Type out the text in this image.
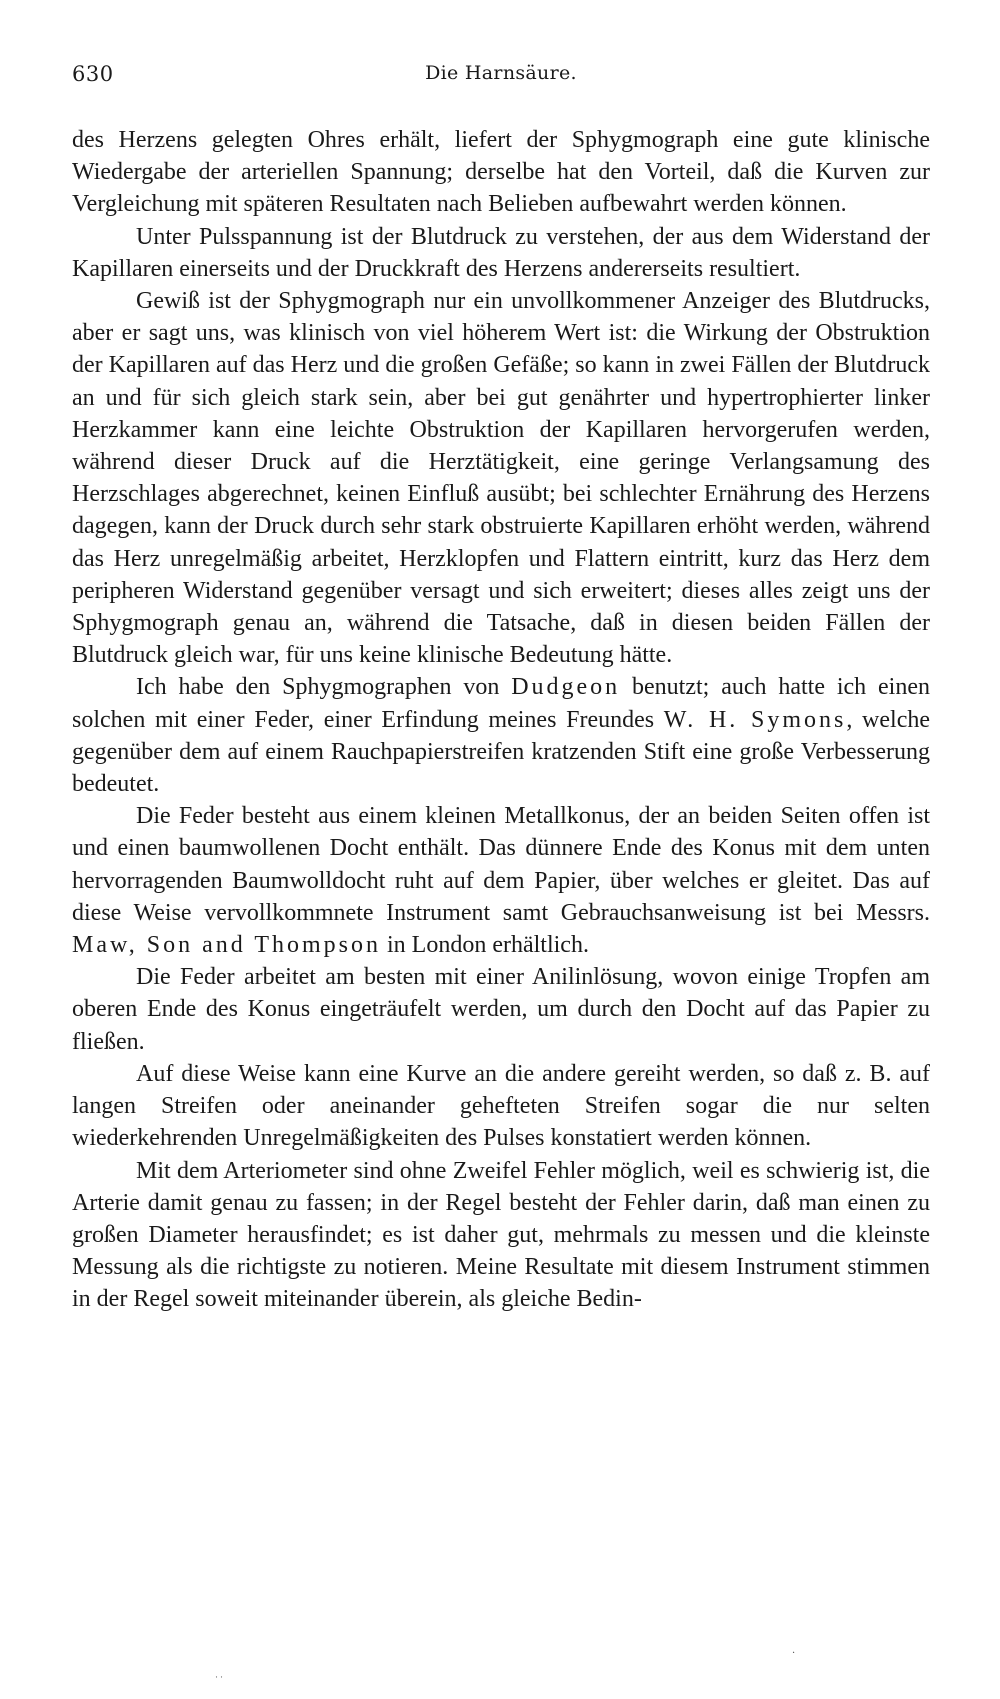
630	Die Harnsäure.

des Herzens gelegten Ohres erhält, liefert der Sphygmograph eine gute klinische Wiedergabe der arteriellen Spannung; derselbe hat den Vorteil, daß die Kurven zur Vergleichung mit späteren Resultaten nach Belieben aufbewahrt werden können.

Unter Pulsspannung ist der Blutdruck zu verstehen, der aus dem Widerstand der Kapillaren einerseits und der Druckkraft des Herzens andererseits resultiert.

Gewiß ist der Sphygmograph nur ein unvollkommener Anzeiger des Blutdrucks, aber er sagt uns, was klinisch von viel höherem Wert ist: die Wirkung der Obstruktion der Kapillaren auf das Herz und die großen Gefäße; so kann in zwei Fällen der Blutdruck an und für sich gleich stark sein, aber bei gut genährter und hypertrophierter linker Herzkammer kann eine leichte Obstruktion der Kapillaren hervorgerufen werden, während dieser Druck auf die Herztätigkeit, eine geringe Verlangsamung des Herzschlages abgerechnet, keinen Einfluß ausübt; bei schlechter Ernährung des Herzens dagegen, kann der Druck durch sehr stark obstruierte Kapillaren erhöht werden, während das Herz unregelmäßig arbeitet, Herzklopfen und Flattern eintritt, kurz das Herz dem peripheren Widerstand gegenüber versagt und sich erweitert; dieses alles zeigt uns der Sphygmograph genau an, während die Tatsache, daß in diesen beiden Fällen der Blutdruck gleich war, für uns keine klinische Bedeutung hätte.

Ich habe den Sphygmographen von Dudgeon benutzt; auch hatte ich einen solchen mit einer Feder, einer Erfindung meines Freundes W. H. Symons, welche gegenüber dem auf einem Rauchpapierstreifen kratzenden Stift eine große Verbesserung bedeutet.

Die Feder besteht aus einem kleinen Metallkonus, der an beiden Seiten offen ist und einen baumwollenen Docht enthält. Das dünnere Ende des Konus mit dem unten hervorragenden Baumwolldocht ruht auf dem Papier, über welches er gleitet. Das auf diese Weise vervollkommnete Instrument samt Gebrauchsanweisung ist bei Messrs. Maw, Son and Thompson in London erhältlich.

Die Feder arbeitet am besten mit einer Anilinlösung, wovon einige Tropfen am oberen Ende des Konus eingeträufelt werden, um durch den Docht auf das Papier zu fließen.

Auf diese Weise kann eine Kurve an die andere gereiht werden, so daß z. B. auf langen Streifen oder aneinander gehefteten Streifen sogar die nur selten wiederkehrenden Unregelmäßigkeiten des Pulses konstatiert werden können.

Mit dem Arteriometer sind ohne Zweifel Fehler möglich, weil es schwierig ist, die Arterie damit genau zu fassen; in der Regel besteht der Fehler darin, daß man einen zu großen Diameter herausfindet; es ist daher gut, mehrmals zu messen und die kleinste Messung als die richtigste zu notieren. Meine Resultate mit diesem Instrument stimmen in der Regel soweit miteinander überein, als gleiche Bedin-

˙˙
·
